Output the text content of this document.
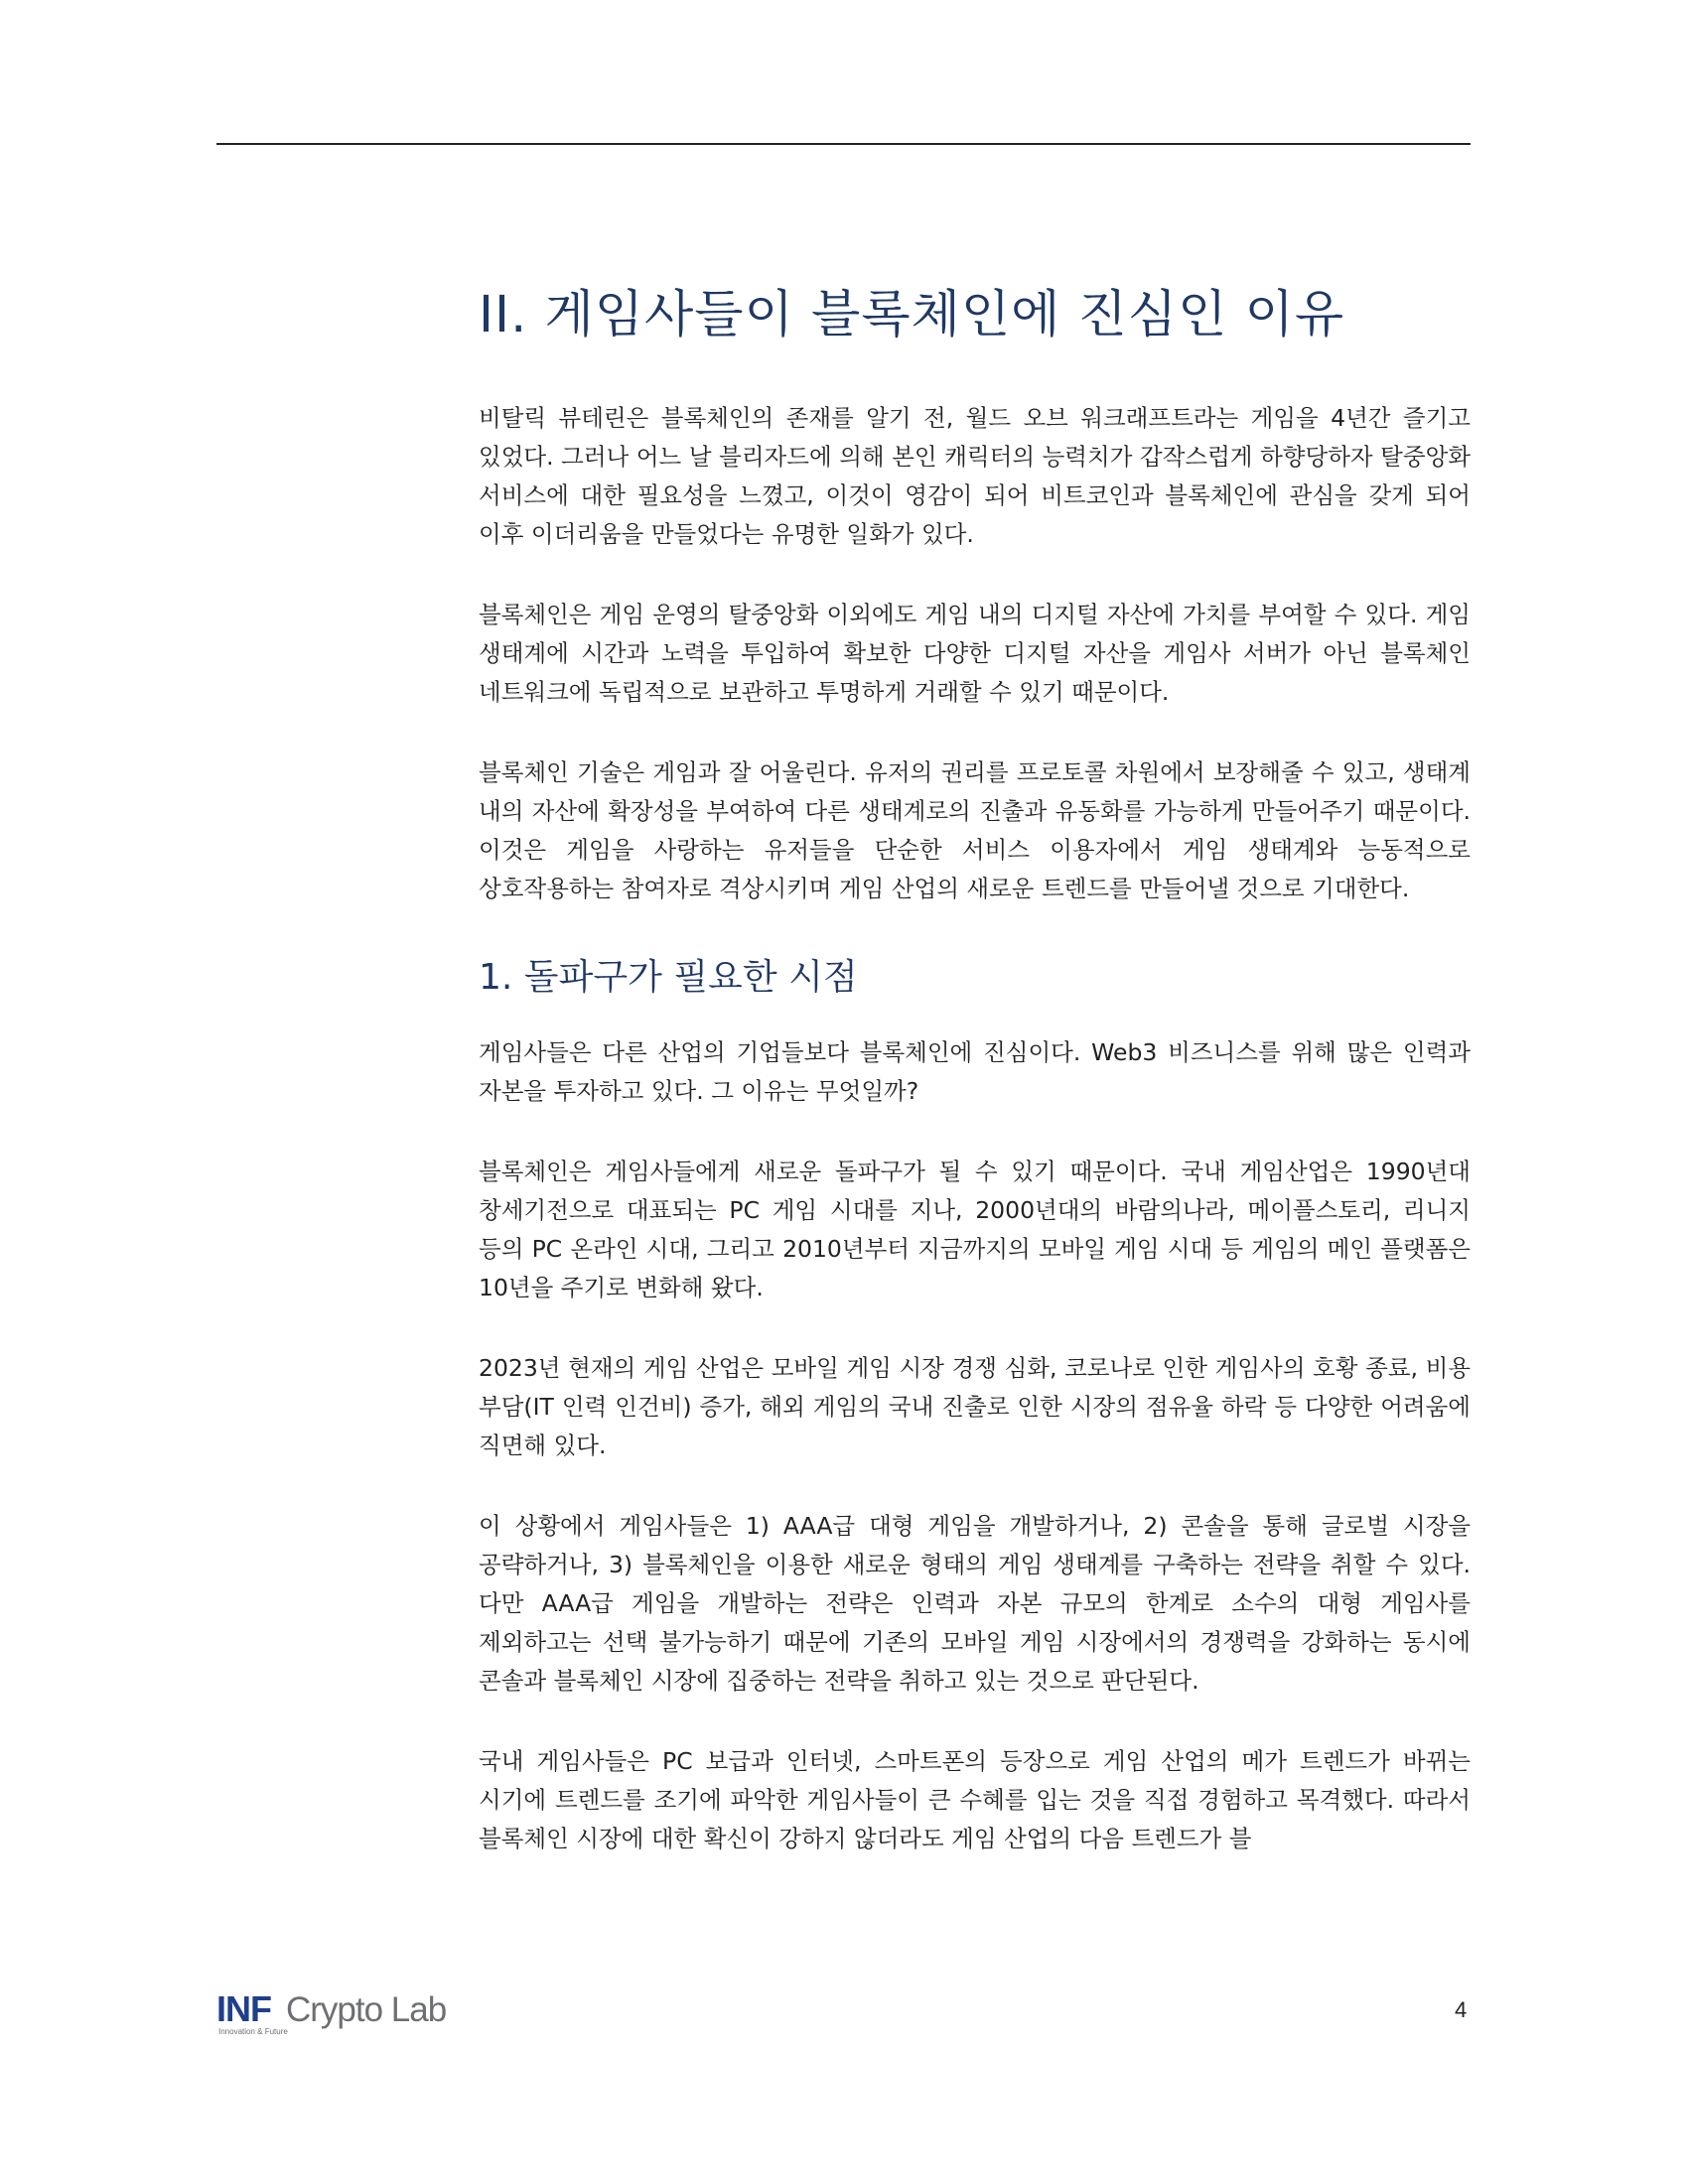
II. 게임사들이 블록체인에 진심인 이유

비탈릭 뷰테린은 블록체인의 존재를 알기 전, 월드 오브 워크래프트라는 게임을 4년간 즐기고 있었다. 그러나 어느 날 블리자드에 의해 본인 캐릭터의 능력치가 갑작스럽게 하향당하자 탈중앙화 서비스에 대한 필요성을 느꼈고, 이것이 영감이 되어 비트코인과 블록체인에 관심을 갖게 되어 이후 이더리움을 만들었다는 유명한 일화가 있다.

블록체인은 게임 운영의 탈중앙화 이외에도 게임 내의 디지털 자산에 가치를 부여할 수 있다. 게임 생태계에 시간과 노력을 투입하여 확보한 다양한 디지털 자산을 게임사 서버가 아닌 블록체인 네트워크에 독립적으로 보관하고 투명하게 거래할 수 있기 때문이다.

블록체인 기술은 게임과 잘 어울린다. 유저의 권리를 프로토콜 차원에서 보장해줄 수 있고, 생태계 내의 자산에 확장성을 부여하여 다른 생태계로의 진출과 유동화를 가능하게 만들어주기 때문이다. 이것은 게임을 사랑하는 유저들을 단순한 서비스 이용자에서 게임 생태계와 능동적으로 상호작용하는 참여자로 격상시키며 게임 산업의 새로운 트렌드를 만들어낼 것으로 기대한다.

1. 돌파구가 필요한 시점

게임사들은 다른 산업의 기업들보다 블록체인에 진심이다. Web3 비즈니스를 위해 많은 인력과 자본을 투자하고 있다. 그 이유는 무엇일까?

블록체인은 게임사들에게 새로운 돌파구가 될 수 있기 때문이다. 국내 게임산업은 1990년대 창세기전으로 대표되는 PC 게임 시대를 지나, 2000년대의 바람의나라, 메이플스토리, 리니지 등의 PC 온라인 시대, 그리고 2010년부터 지금까지의 모바일 게임 시대 등 게임의 메인 플랫폼은 10년을 주기로 변화해 왔다.

2023년 현재의 게임 산업은 모바일 게임 시장 경쟁 심화, 코로나로 인한 게임사의 호황 종료, 비용 부담(IT 인력 인건비) 증가, 해외 게임의 국내 진출로 인한 시장의 점유율 하락 등 다양한 어려움에 직면해 있다.

이 상황에서 게임사들은 1) AAA급 대형 게임을 개발하거나, 2) 콘솔을 통해 글로벌 시장을 공략하거나, 3) 블록체인을 이용한 새로운 형태의 게임 생태계를 구축하는 전략을 취할 수 있다. 다만 AAA급 게임을 개발하는 전략은 인력과 자본 규모의 한계로 소수의 대형 게임사를 제외하고는 선택 불가능하기 때문에 기존의 모바일 게임 시장에서의 경쟁력을 강화하는 동시에 콘솔과 블록체인 시장에 집중하는 전략을 취하고 있는 것으로 판단된다.

국내 게임사들은 PC 보급과 인터넷, 스마트폰의 등장으로 게임 산업의 메가 트렌드가 바뀌는 시기에 트렌드를 조기에 파악한 게임사들이 큰 수혜를 입는 것을 직접 경험하고 목격했다. 따라서 블록체인 시장에 대한 확신이 강하지 않더라도 게임 산업의 다음 트렌드가 블

INF Crypto Lab
Innovation & Future
4
